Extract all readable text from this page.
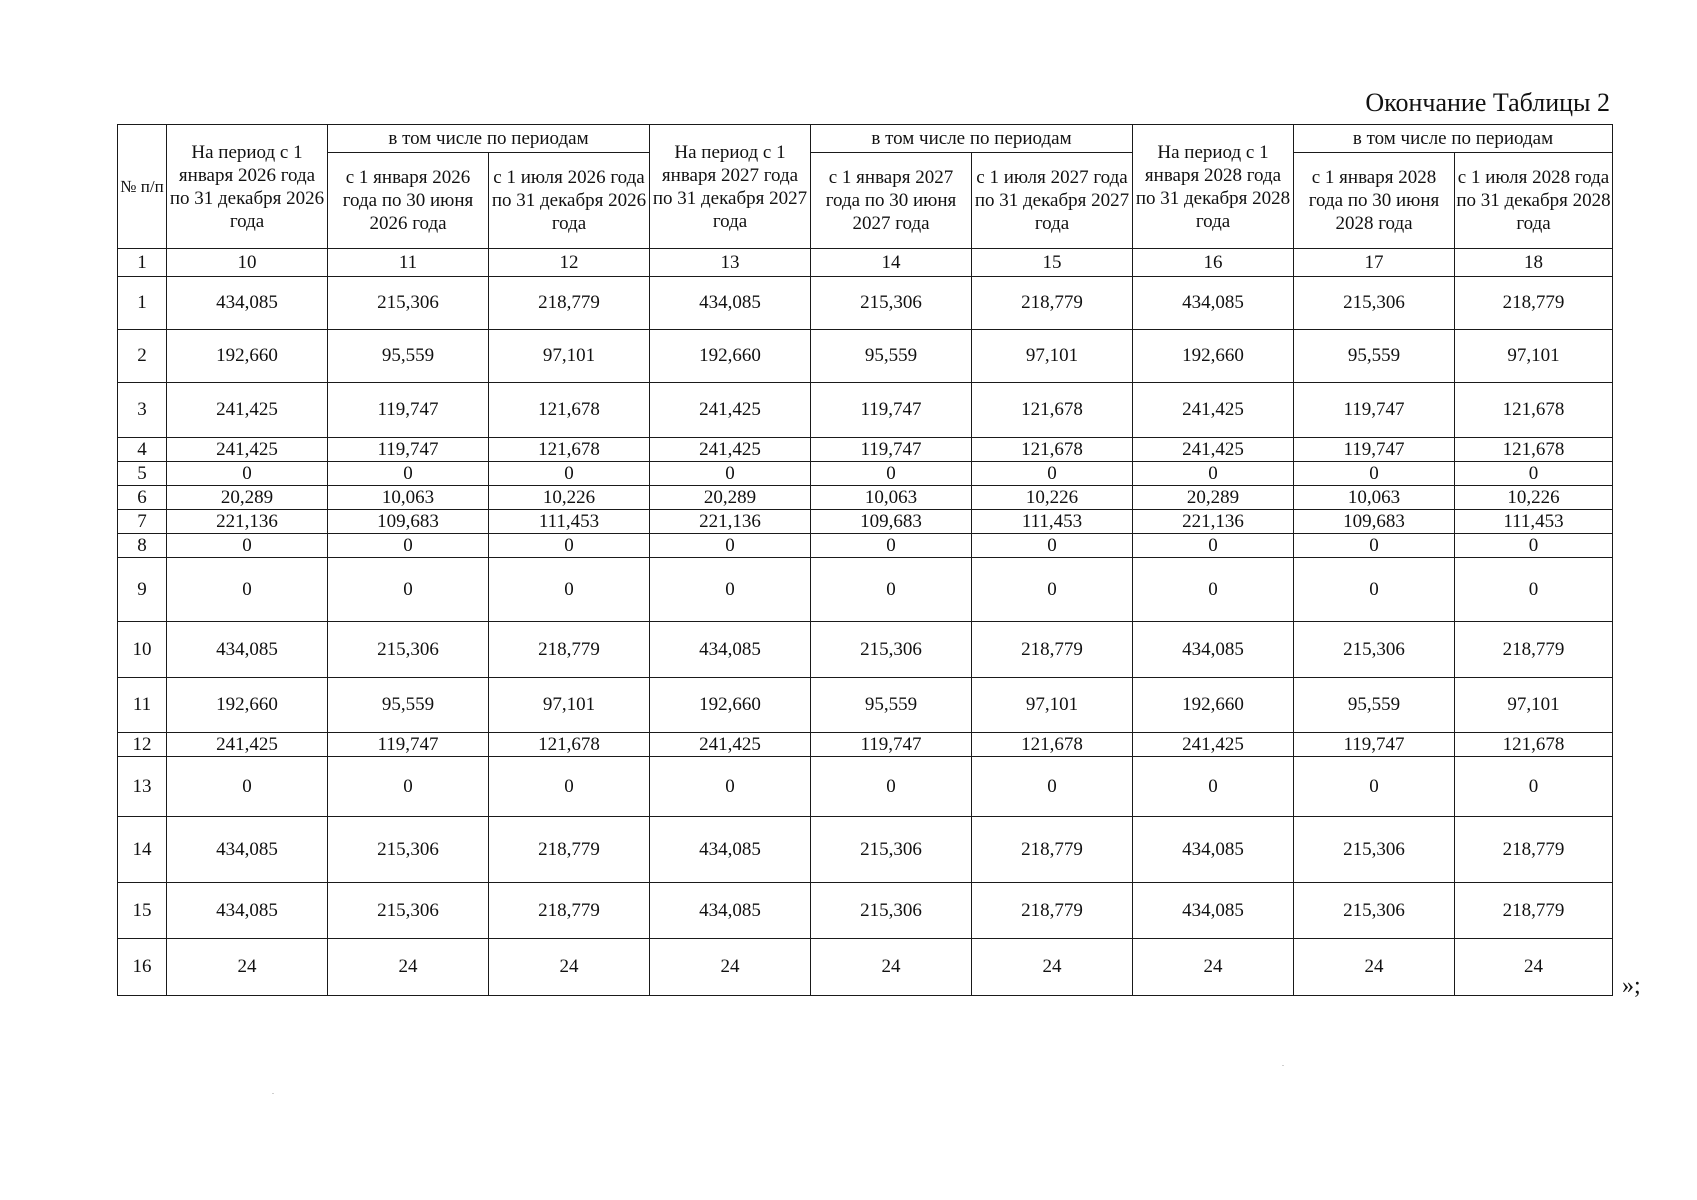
Окончание Таблицы 2
№ п/п	На период с 1 января 2026 года по 31 декабря 2026 года	в том числе по периодам		На период с 1 января 2027 года по 31 декабря 2027 года	в том числе по периодам		На период с 1 января 2028 года по 31 декабря 2028 года	в том числе по периодам	
		с 1 января 2026 года по 30 июня 2026 года	с 1 июля 2026 года по 31 декабря 2026 года		с 1 января 2027 года по 30 июня 2027 года	с 1 июля 2027 года по 31 декабря 2027 года		с 1 января 2028 года по 30 июня 2028 года	с 1 июля 2028 года по 31 декабря 2028 года
1	10	11	12	13	14	15	16	17	18
1	434,085	215,306	218,779	434,085	215,306	218,779	434,085	215,306	218,779
2	192,660	95,559	97,101	192,660	95,559	97,101	192,660	95,559	97,101
3	241,425	119,747	121,678	241,425	119,747	121,678	241,425	119,747	121,678
4	241,425	119,747	121,678	241,425	119,747	121,678	241,425	119,747	121,678
5	0	0	0	0	0	0	0	0	0
6	20,289	10,063	10,226	20,289	10,063	10,226	20,289	10,063	10,226
7	221,136	109,683	111,453	221,136	109,683	111,453	221,136	109,683	111,453
8	0	0	0	0	0	0	0	0	0
9	0	0	0	0	0	0	0	0	0
10	434,085	215,306	218,779	434,085	215,306	218,779	434,085	215,306	218,779
11	192,660	95,559	97,101	192,660	95,559	97,101	192,660	95,559	97,101
12	241,425	119,747	121,678	241,425	119,747	121,678	241,425	119,747	121,678
13	0	0	0	0	0	0	0	0	0
14	434,085	215,306	218,779	434,085	215,306	218,779	434,085	215,306	218,779
15	434,085	215,306	218,779	434,085	215,306	218,779	434,085	215,306	218,779
16	24	24	24	24	24	24	24	24	24
»;
